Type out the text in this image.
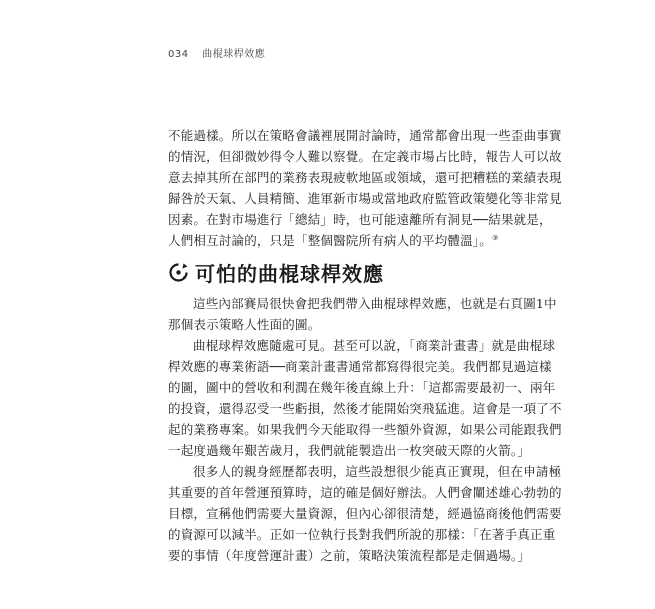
034 曲棍球桿效應

不能過樣。所以在策略會議裡展開討論時，通常都會出現一些歪曲事實
的情況，但卻微妙得令人難以察覺。在定義市場占比時，報告人可以故
意去掉其所在部門的業務表現疲軟地區或領域，還可把糟糕的業績表現
歸咎於天氣、人員精簡、進軍新市場或當地政府監管政策變化等非常見
因素。在對市場進行「總結」時，也可能遠離所有洞見──結果就是，
人們相互討論的，只是「整個醫院所有病人的平均體溫」。③

可怕的曲棍球桿效應

這些內部賽局很快會把我們帶入曲棍球桿效應，也就是右頁圖1中
那個表示策略人性面的圖。

曲棍球桿效應隨處可見。甚至可以說，「商業計畫書」就是曲棍球
桿效應的專業術語──商業計畫書通常都寫得很完美。我們都見過這樣
的圖，圖中的營收和利潤在幾年後直線上升：「這都需要最初一、兩年
的投資，還得忍受一些虧損，然後才能開始突飛猛進。這會是一項了不
起的業務專案。如果我們今天能取得一些額外資源，如果公司能跟我們
一起度過幾年艱苦歲月，我們就能製造出一枚突破天際的火箭。」

很多人的親身經歷都表明，這些設想很少能真正實現，但在申請極
其重要的首年營運預算時，這的確是個好辦法。人們會闡述雄心勃勃的
目標，宣稱他們需要大量資源，但內心卻很清楚，經過協商後他們需要
的資源可以減半。正如一位執行長對我們所說的那樣：「在著手真正重
要的事情（年度營運計畫）之前，策略決策流程都是走個過場。」
